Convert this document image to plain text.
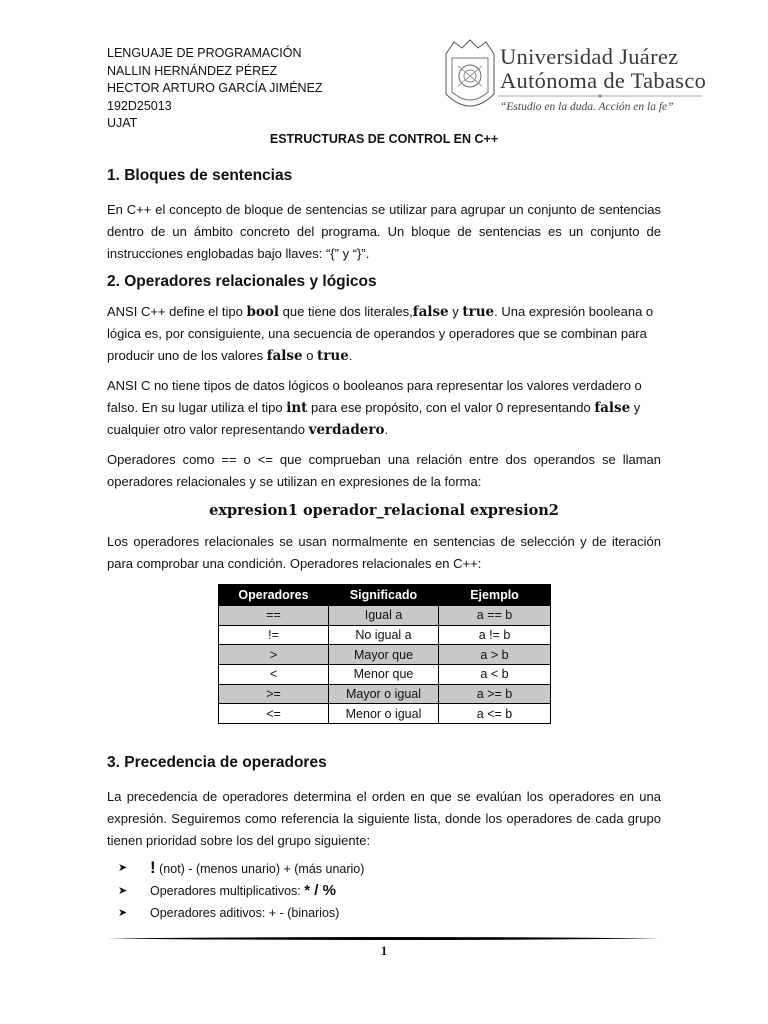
LENGUAJE DE PROGRAMACIÓN
NALLIN HERNÁNDEZ PÉREZ
HECTOR ARTURO GARCÍA JIMÉNEZ
192D25013
UJAT
Universidad Juárez
Autónoma de Tabasco
“Estudio en la duda. Acción en la fe”
ESTRUCTURAS DE CONTROL EN C++
1. Bloques de sentencias
En C++ el concepto de bloque de sentencias se utilizar para agrupar un conjunto de sentencias dentro de un ámbito concreto del programa. Un bloque de sentencias es un conjunto de instrucciones englobadas bajo llaves: “{” y “}”.
2. Operadores relacionales y lógicos
ANSI C++ define el tipo bool que tiene dos literales,false y true. Una expresión booleana o lógica es, por consiguiente, una secuencia de operandos y operadores que se combinan para producir uno de los valores false o true.
ANSI C no tiene tipos de datos lógicos o booleanos para representar los valores verdadero o falso. En su lugar utiliza el tipo int para ese propósito, con el valor 0 representando false y cualquier otro valor representando verdadero.
Operadores como == o <= que comprueban una relación entre dos operandos se llaman operadores relacionales y se utilizan en expresiones de la forma:
expresion1 operador_relacional expresion2
Los operadores relacionales se usan normalmente en sentencias de selección y de iteración para comprobar una condición. Operadores relacionales en C++:
Operadores	Significado	Ejemplo
==	Igual a	a == b
!=	No igual a	a != b
>	Mayor que	a > b
<	Menor que	a < b
>=	Mayor o igual	a >= b
<=	Menor o igual	a <= b
3. Precedencia de operadores
La precedencia de operadores determina el orden en que se evalúan los operadores en una expresión. Seguiremos como referencia la siguiente lista, donde los operadores de cada grupo tienen prioridad sobre los del grupo siguiente:
➤ ! (not) - (menos unario) + (más unario)
➤ Operadores multiplicativos: * / %
➤ Operadores aditivos: + - (binarios)
1
